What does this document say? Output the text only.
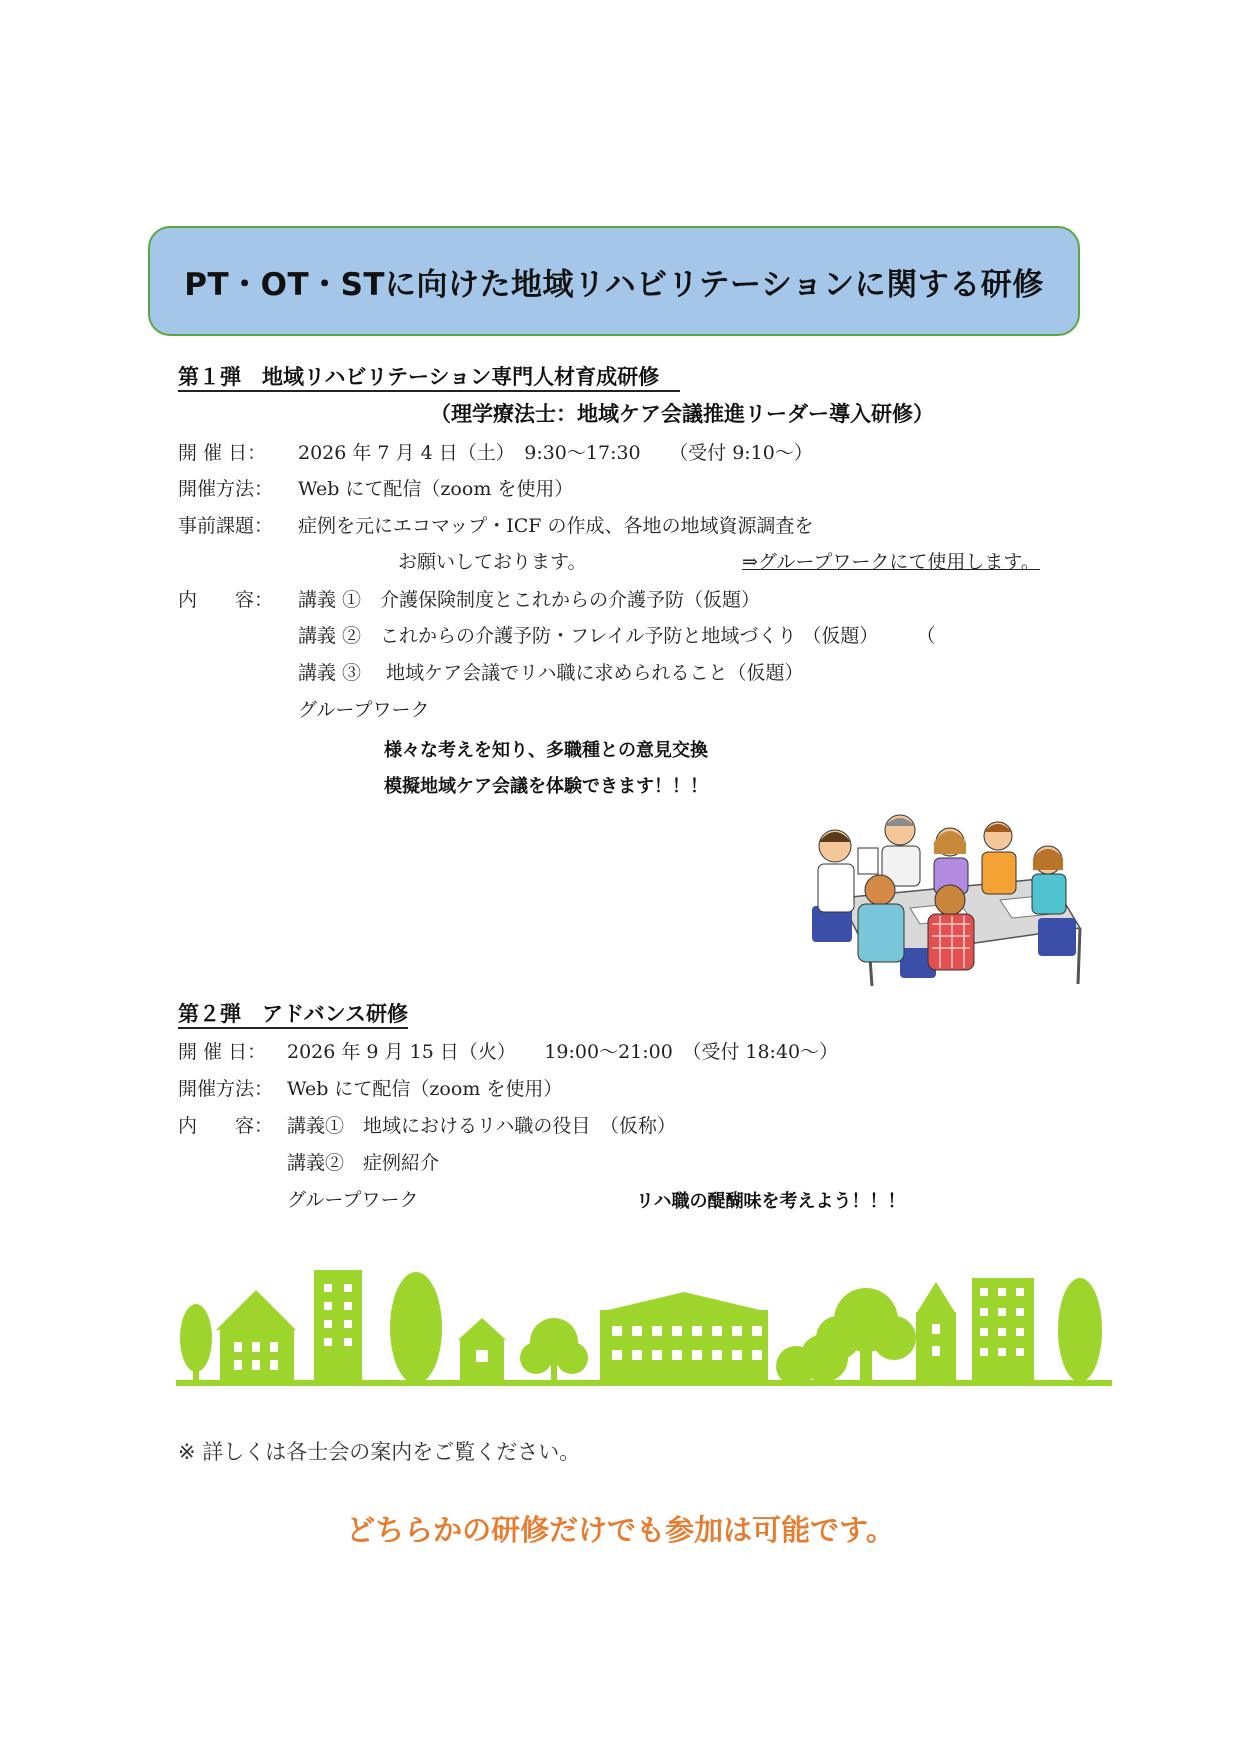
PT・OT・STに向けた地域リハビリテーションに関する研修
第１弾　地域リハビリテーション専門人材育成研修　
（理学療法士：地域ケア会議推進リーダー導入研修）
開 催 日： 2026 年 7 月 4 日（土）　9:30～17:30　　（受付 9:10～）
開催方法： Web にて配信（zoom を使用）
事前課題： 症例を元にエコマップ・ICF の作成、各地の地域資源調査を
お願いしております。	⇒グループワークにて使用します。
内　　容： 講義 ①　介護保険制度とこれからの介護予防（仮題）
講義 ②　これからの介護予防・フレイル予防と地域づくり （仮題）　　　（
講義 ③　 地域ケア会議でリハ職に求められること（仮題）
グループワーク
様々な考えを知り、多職種との意見交換
模擬地域ケア会議を体験できます！！！
第２弾　アドバンス研修
開 催 日： 2026 年 9 月 15 日（火）　　19:00～21:00　（受付 18:40～）
開催方法： Web にて配信（zoom を使用）
内　　容： 講義①　地域におけるリハ職の役目　（仮称）
講義②　症例紹介
グループワーク	リハ職の醍醐味を考えよう！！！
※ 詳しくは各士会の案内をご覧ください。
どちらかの研修だけでも参加は可能です。
